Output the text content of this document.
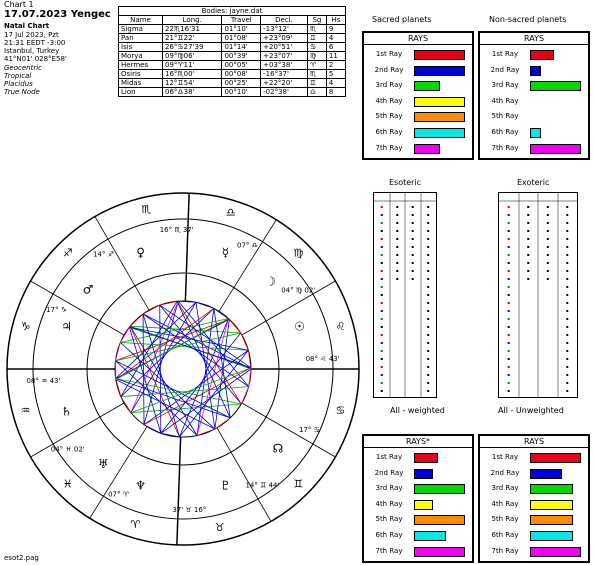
Chart 1
17.07.2023 Yengec
Natal Chart
17 Jul 2023, Pzt
21:31 EEDT -3:00
Istanbul, Turkey
41°N01' 028°E58'
Geocentric
Tropical
Placidus
True Node
Bodies: jayne.dat					
Name	Long.	Travel	Decl.	Sg	Hs
Sigma	22♏16'31	01°10'	-13°12'	♏	9
Pan	21°♊22'	01°08'	+23°09'	♊	4
Isis	26°♋27'39	01°14'	+20°51'	♋	6
Morya	09°♍06'	00°39'	+23°07'	♍	11
Hermes	09°♈11'	00°05'	+03°38'	♈	2
Osiris	16°♏00'	00°08'	-16°37'	♏	5
Midas	12°♊54'	00°25'	+22°20'	♊	4
Lion	06°♎38'	00°10'	-02°38'	♎	8
Sacred planets	Non-sacred planets
RAYS
1st Ray
2nd Ray
3rd Ray
4th Ray
5th Ray
6th Ray
7th Ray
RAYS
1st Ray
2nd Ray
3rd Ray
4th Ray
5th Ray
6th Ray
7th Ray
Esoteric	Exoteric
All - weighted	All - Unweighted
RAYS*
1st Ray
2nd Ray
3rd Ray
4th Ray
5th Ray
6th Ray
7th Ray
RAYS
1st Ray
2nd Ray
3rd Ray
4th Ray
5th Ray
6th Ray
7th Ray
♒
08° ♒ 43'
♓
04° ♓ 02'
♈
07° ♈
♉
37' ♉ 16°
♊
14° ♊ 44'
♋
17° ♋
♌
08° ♌ 43'
♍
04° ♍ 02'
♎
07° ♎
♏
16° ♏ 37'
♐	14° ♐
♑
17° ♑
☉
☽
☿
♀
♂
♃
♄
♅
♆	♇
☊
esot2.pag
